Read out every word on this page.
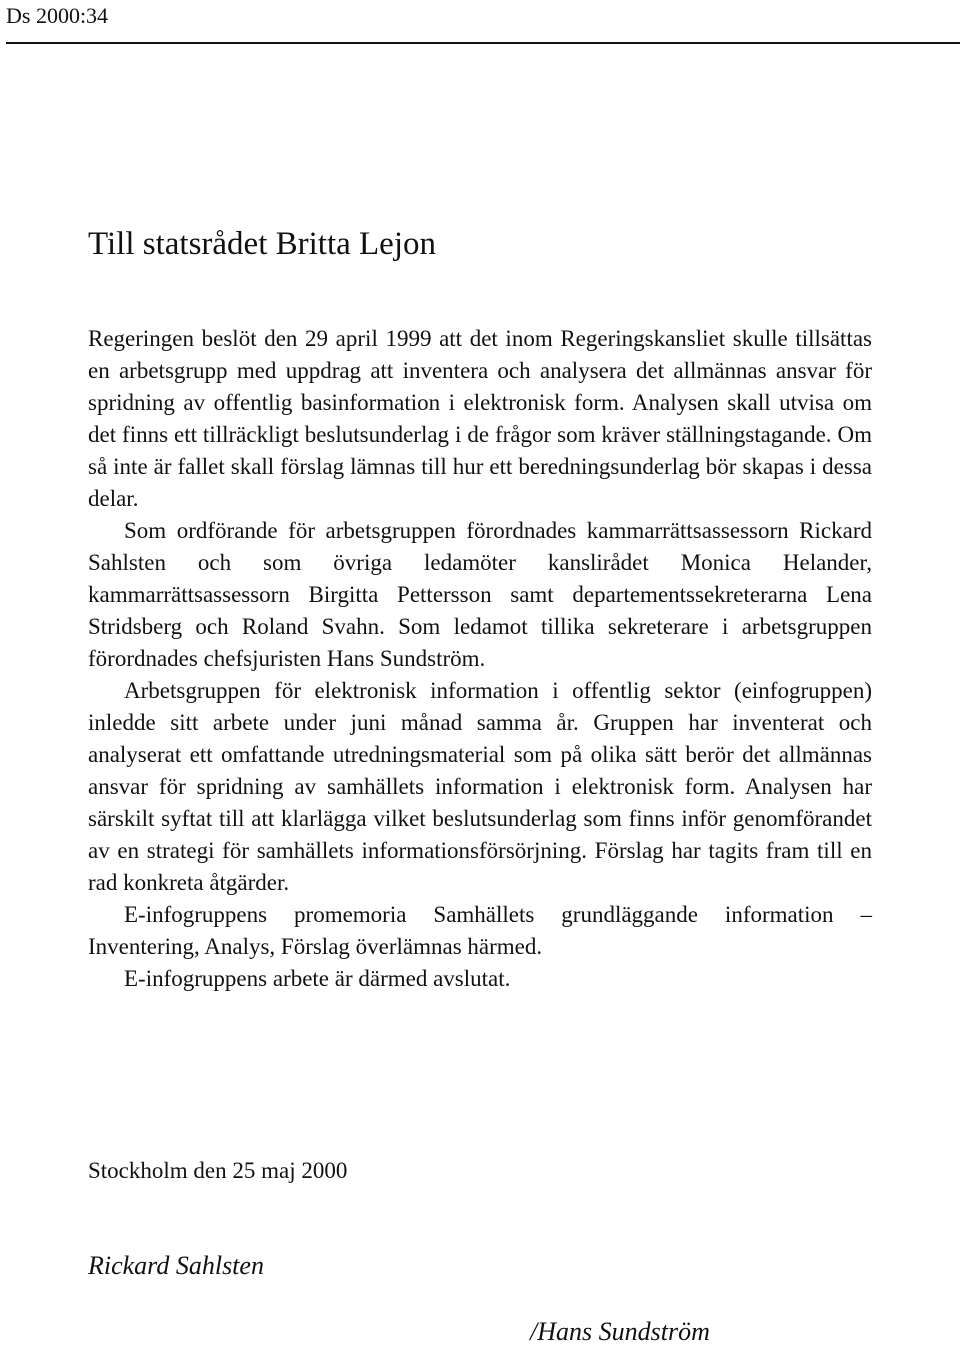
Ds 2000:34

Till statsrådet Britta Lejon

Regeringen beslöt den 29 april 1999 att det inom Regeringskansliet skulle tillsättas en arbetsgrupp med uppdrag att inventera och analysera det allmännas ansvar för spridning av offentlig basinformation i elektronisk form. Analysen skall utvisa om det finns ett tillräckligt beslutsunderlag i de frågor som kräver ställningstagande. Om så inte är fallet skall förslag lämnas till hur ett beredningsunderlag bör skapas i dessa delar.

Som ordförande för arbetsgruppen förordnades kammarrättsassessorn Rickard Sahlsten och som övriga ledamöter kanslirådet Monica Helander, kammarrättsassessorn Birgitta Pettersson samt departementssekreterarna Lena Stridsberg och Roland Svahn. Som ledamot tillika sekreterare i arbetsgruppen förordnades chefsjuristen Hans Sundström.

Arbetsgruppen för elektronisk information i offentlig sektor (einfogruppen) inledde sitt arbete under juni månad samma år. Gruppen har inventerat och analyserat ett omfattande utredningsmaterial som på olika sätt berör det allmännas ansvar för spridning av samhällets information i elektronisk form. Analysen har särskilt syftat till att klarlägga vilket beslutsunderlag som finns inför genomförandet av en strategi för samhällets informationsförsörjning. Förslag har tagits fram till en rad konkreta åtgärder.

E-infogruppens promemoria Samhällets grundläggande information – Inventering, Analys, Förslag överlämnas härmed.

E-infogruppens arbete är därmed avslutat.

Stockholm den 25 maj 2000

Rickard Sahlsten

/Hans Sundström
